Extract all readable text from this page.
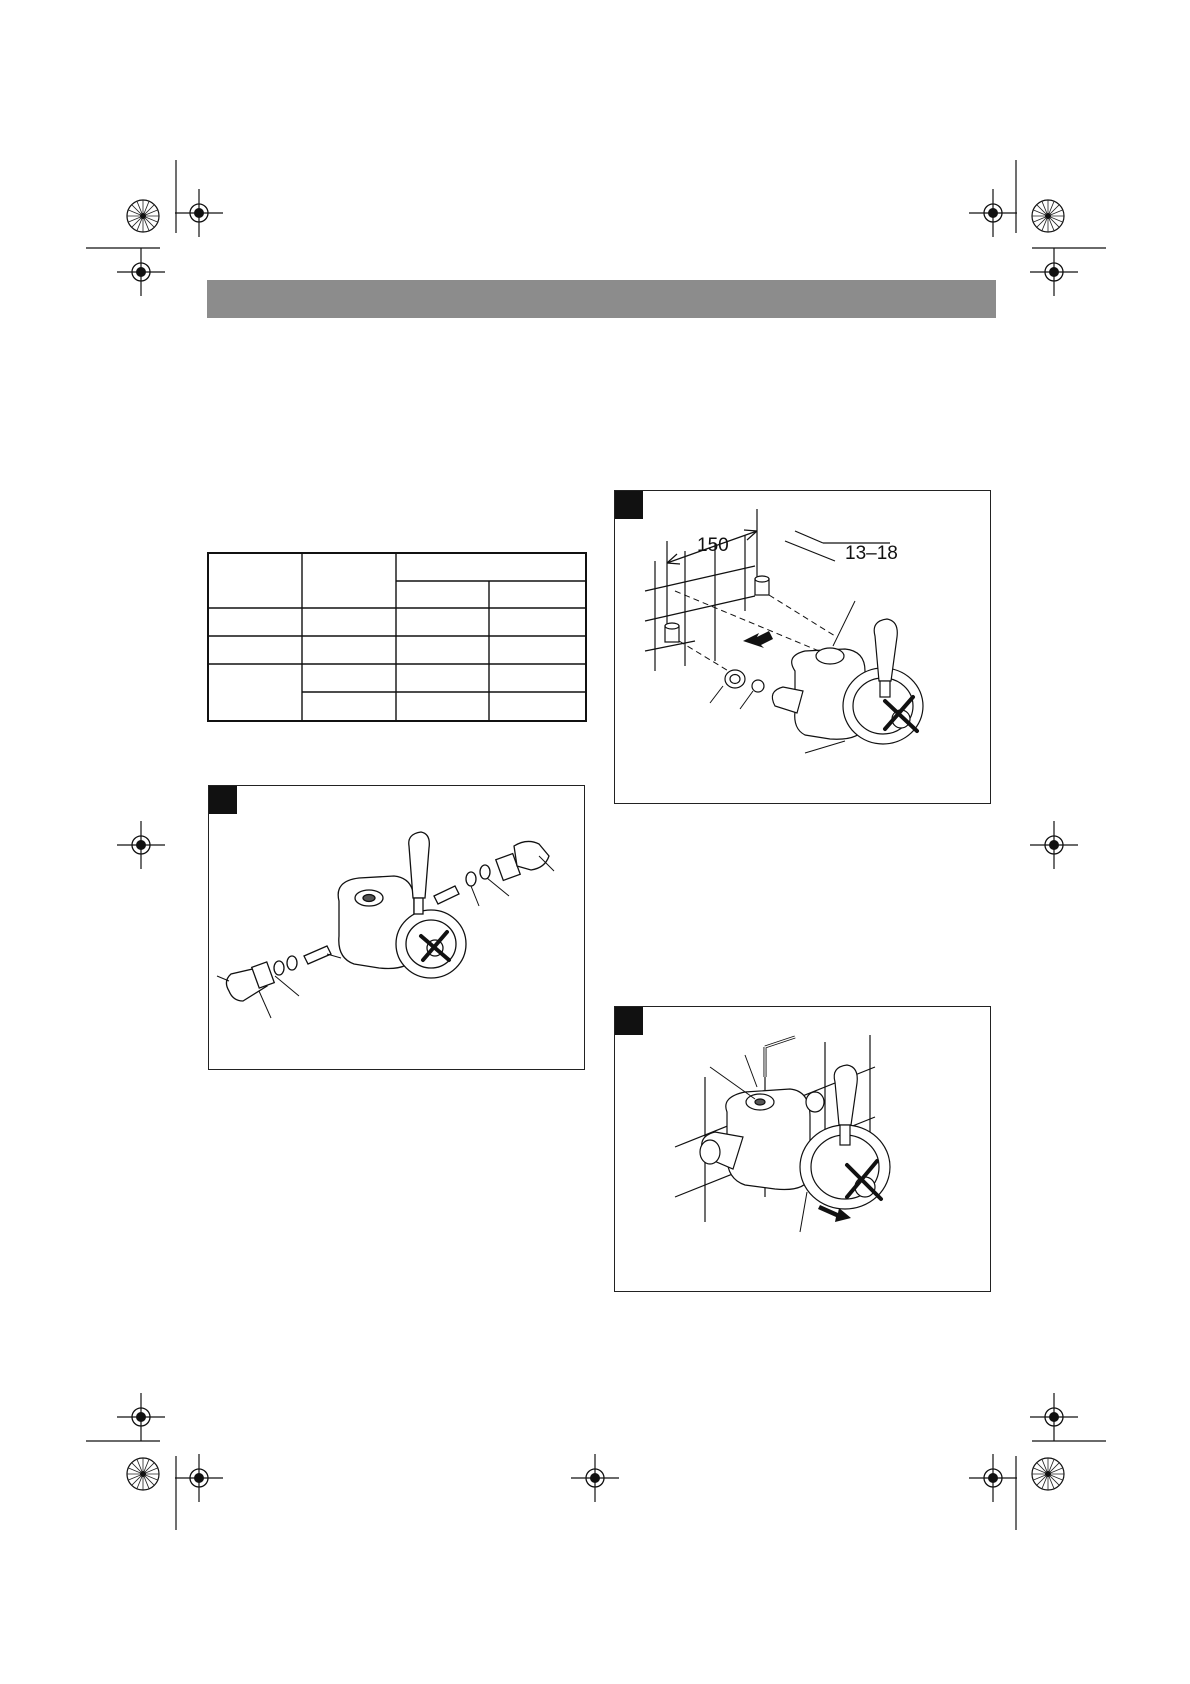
150	13–18
